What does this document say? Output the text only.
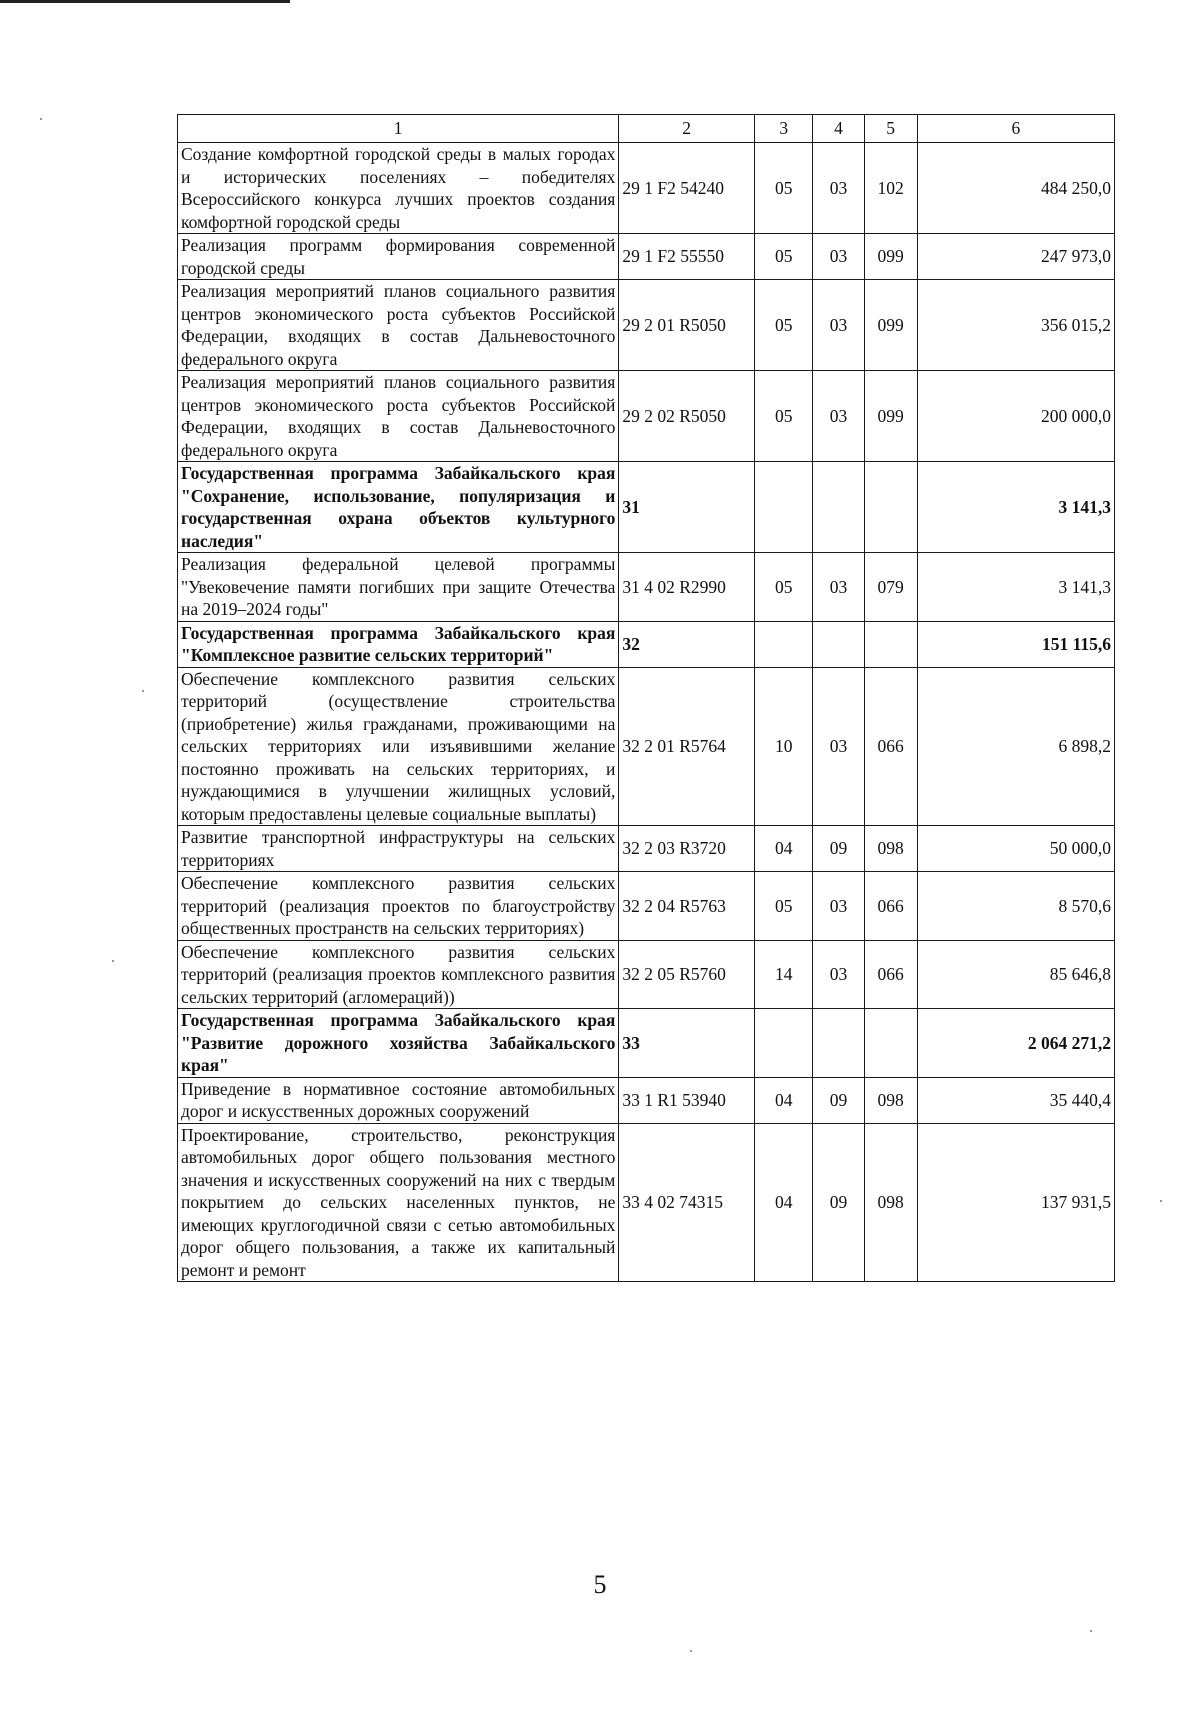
1	2	3	4	5	6
Создание комфортной городской среды в малых городах и исторических поселениях – победителях Всероссийского конкурса лучших проектов создания комфортной городской среды	29 1 F2 54240	05	03	102	484 250,0
Реализация программ формирования современной городской среды	29 1 F2 55550	05	03	099	247 973,0
Реализация мероприятий планов социального развития центров экономического роста субъектов Российской Федерации, входящих в состав Дальневосточного федерального округа	29 2 01 R5050	05	03	099	356 015,2
Реализация мероприятий планов социального развития центров экономического роста субъектов Российской Федерации, входящих в состав Дальневосточного федерального округа	29 2 02 R5050	05	03	099	200 000,0
Государственная программа Забайкальского края "Сохранение, использование, популяризация и государственная охрана объектов культурного наследия"	31				3 141,3
Реализация федеральной целевой программы "Увековечение памяти погибших при защите Отечества на 2019–2024 годы"	31 4 02 R2990	05	03	079	3 141,3
Государственная программа Забайкальского края "Комплексное развитие сельских территорий"	32				151 115,6
Обеспечение комплексного развития сельских территорий (осуществление строительства (приобретение) жилья гражданами, проживающими на сельских территориях или изъявившими желание постоянно проживать на сельских территориях, и нуждающимися в улучшении жилищных условий, которым предоставлены целевые социальные выплаты)	32 2 01 R5764	10	03	066	6 898,2
Развитие транспортной инфраструктуры на сельских территориях	32 2 03 R3720	04	09	098	50 000,0
Обеспечение комплексного развития сельских территорий (реализация проектов по благоустройству общественных пространств на сельских территориях)	32 2 04 R5763	05	03	066	8 570,6
Обеспечение комплексного развития сельских территорий (реализация проектов комплексного развития сельских территорий (агломераций))	32 2 05 R5760	14	03	066	85 646,8
Государственная программа Забайкальского края "Развитие дорожного хозяйства Забайкальского края"	33				2 064 271,2
Приведение в нормативное состояние автомобильных дорог и искусственных дорожных сооружений	33 1 R1 53940	04	09	098	35 440,4
Проектирование, строительство, реконструкция автомобильных дорог общего пользования местного значения и искусственных сооружений на них с твердым покрытием до сельских населенных пунктов, не имеющих круглогодичной связи с сетью автомобильных дорог общего пользования, а также их капитальный ремонт и ремонт	33 4 02 74315	04	09	098	137 931,5
5
